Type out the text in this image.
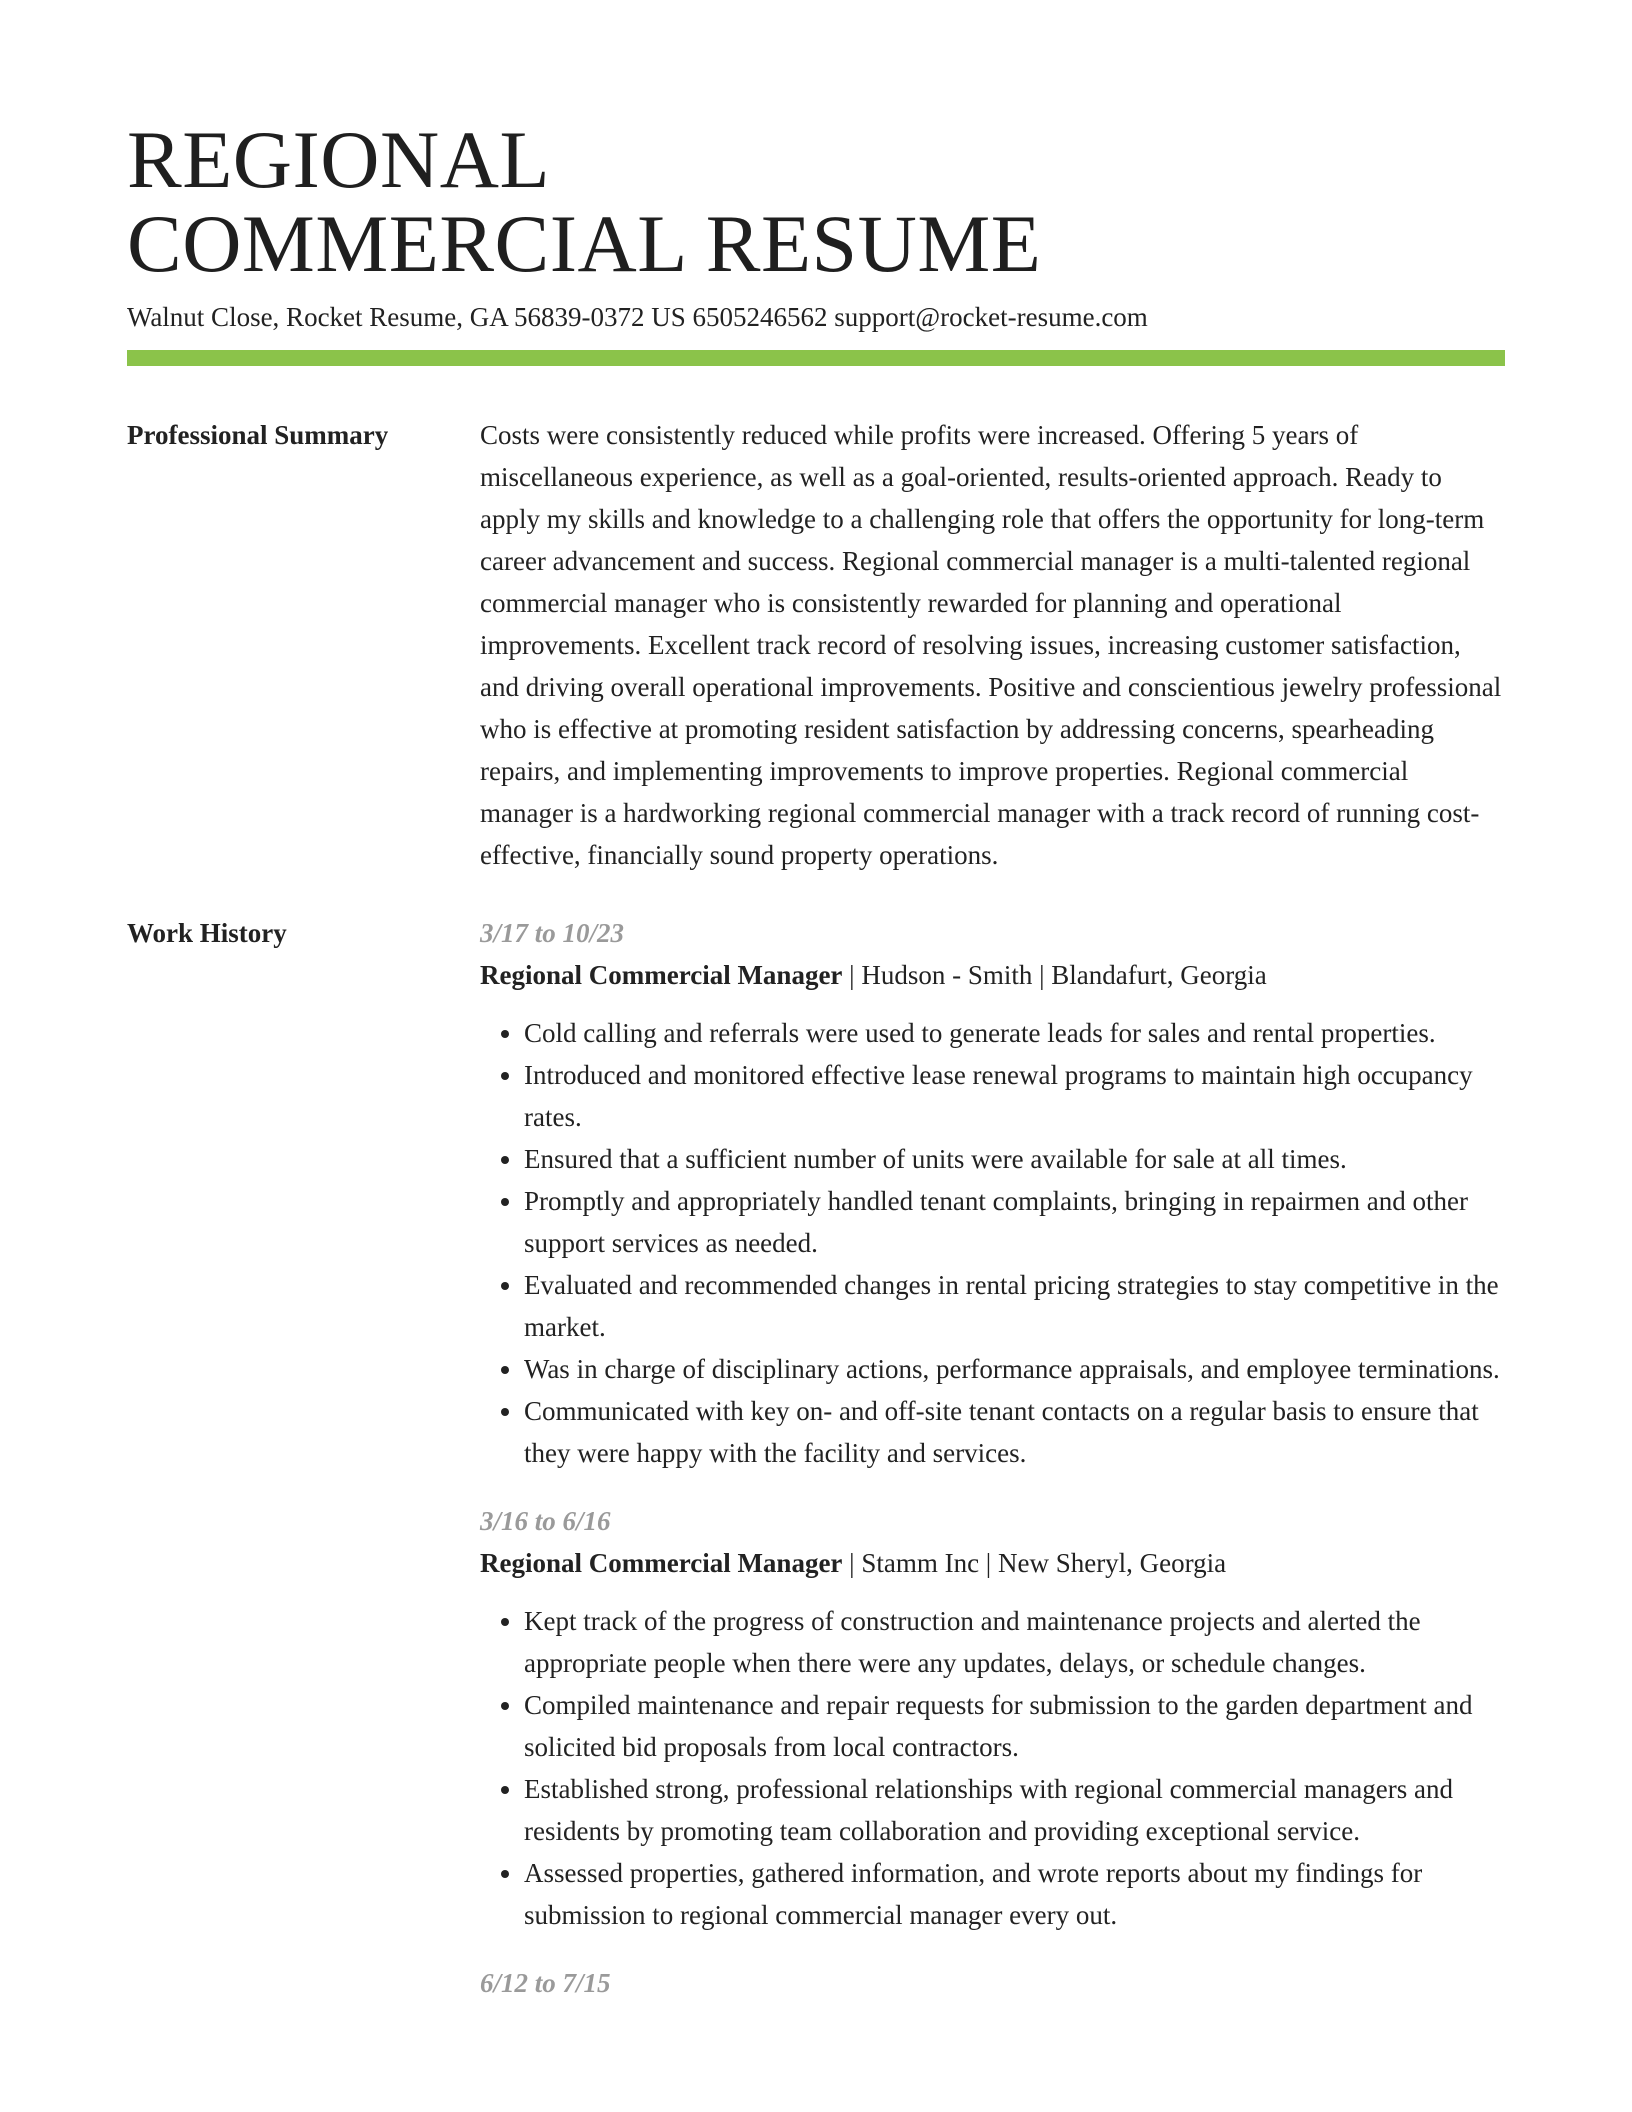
REGIONAL
COMMERCIAL RESUME
Walnut Close, Rocket Resume, GA 56839-0372 US 6505246562 support@rocket-resume.com
Professional Summary	Costs were consistently reduced while profits were increased. Offering 5 years of miscellaneous experience, as well as a goal-oriented, results-oriented approach. Ready to apply my skills and knowledge to a challenging role that offers the opportunity for long-term career advancement and success. Regional commercial manager is a multi-talented regional commercial manager who is consistently rewarded for planning and operational improvements. Excellent track record of resolving issues, increasing customer satisfaction, and driving overall operational improvements. Positive and conscientious jewelry professional who is effective at promoting resident satisfaction by addressing concerns, spearheading repairs, and implementing improvements to improve properties. Regional commercial manager is a hardworking regional commercial manager with a track record of running cost-effective, financially sound property operations.

Work History	3/17 to 10/23
Regional Commercial Manager | Hudson - Smith | Blandafurt, Georgia
• Cold calling and referrals were used to generate leads for sales and rental properties.
• Introduced and monitored effective lease renewal programs to maintain high occupancy rates.
• Ensured that a sufficient number of units were available for sale at all times.
• Promptly and appropriately handled tenant complaints, bringing in repairmen and other support services as needed.
• Evaluated and recommended changes in rental pricing strategies to stay competitive in the market.
• Was in charge of disciplinary actions, performance appraisals, and employee terminations.
• Communicated with key on- and off-site tenant contacts on a regular basis to ensure that they were happy with the facility and services.
3/16 to 6/16
Regional Commercial Manager | Stamm Inc | New Sheryl, Georgia
• Kept track of the progress of construction and maintenance projects and alerted the appropriate people when there were any updates, delays, or schedule changes.
• Compiled maintenance and repair requests for submission to the garden department and solicited bid proposals from local contractors.
• Established strong, professional relationships with regional commercial managers and residents by promoting team collaboration and providing exceptional service.
• Assessed properties, gathered information, and wrote reports about my findings for submission to regional commercial manager every out.
6/12 to 7/15
